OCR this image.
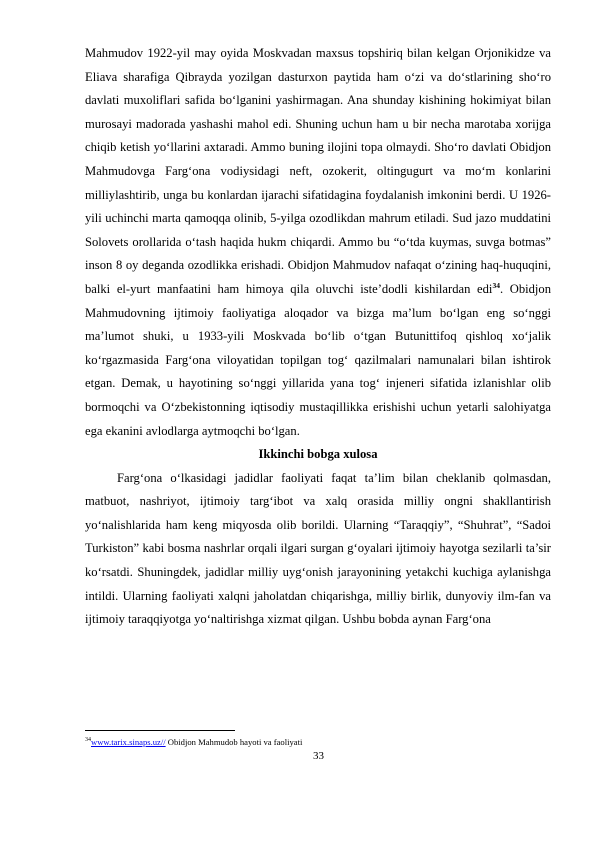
Mahmudov 1922-yil may oyida Moskvadan maxsus topshiriq bilan kelgan Orjonikidze va Eliava sharafiga Qibrayda yozilgan dasturxon paytida ham o‘zi va do‘stlarining sho‘ro davlati muxoliflari safida bo‘lganini yashirmagan. Ana shunday kishining hokimiyat bilan murosayi madorada yashashi mahol edi. Shuning uchun ham u bir necha marotaba xorijga chiqib ketish yo‘llarini axtaradi. Ammo buning ilojini topa olmaydi. Sho‘ro davlati Obidjon Mahmudovga Farg‘ona vodiysidagi neft, ozokerit, oltingugurt va mo‘m konlarini milliylashtirib, unga bu konlardan ijarachi sifatidagina foydalanish imkonini berdi. U 1926-yili uchinchi marta qamoqqa olinib, 5-yilga ozodlikdan mahrum etiladi. Sud jazo muddatini Solovets orollarida o‘tash haqida hukm chiqardi. Ammo bu “o‘tda kuymas, suvga botmas” inson 8 oy deganda ozodlikka erishadi. Obidjon Mahmudov nafaqat o‘zining haq-huquqini, balki el-yurt manfaatini ham himoya qila oluvchi iste’dodli kishilardan edi$^{34}$. Obidjon Mahmudovning ijtimoiy faoliyatiga aloqador va bizga ma’lum bo‘lgan eng so‘nggi ma’lumot shuki, u 1933-yili Moskvada bo‘lib o‘tgan Butunittifoq qishloq xo‘jalik ko‘rgazmasida Farg‘ona viloyatidan topilgan tog‘ qazilmalari namunalari bilan ishtirok etgan. Demak, u hayotining so‘nggi yillarida yana tog‘ injeneri sifatida izlanishlar olib bormoqchi va O‘zbekistonning iqtisodiy mustaqillikka erishishi uchun yetarli salohiyatga ega ekanini avlodlarga aytmoqchi bo‘lgan.

Ikkinchi bobga xulosa

Farg‘ona o‘lkasidagi jadidlar faoliyati faqat ta’lim bilan cheklanib qolmasdan, matbuot, nashriyot, ijtimoiy targ‘ibot va xalq orasida milliy ongni shakllantirish yo‘nalishlarida ham keng miqyosda olib borildi. Ularning “Taraqqiy”, “Shuhrat”, “Sadoi Turkiston” kabi bosma nashrlar orqali ilgari surgan g‘oyalari ijtimoiy hayotga sezilarli ta’sir ko‘rsatdi. Shuningdek, jadidlar milliy uyg‘onish jarayonining yetakchi kuchiga aylanishga intildi. Ularning faoliyati xalqni jaholatdan chiqarishga, milliy birlik, dunyoviy ilm-fan va ijtimoiy taraqqiyotga yo‘naltirishga xizmat qilgan. Ushbu bobda aynan Farg‘ona

$^{34}$www.tarix.sinaps.uz// Obidjon Mahmudob hayoti va faoliyati
33
